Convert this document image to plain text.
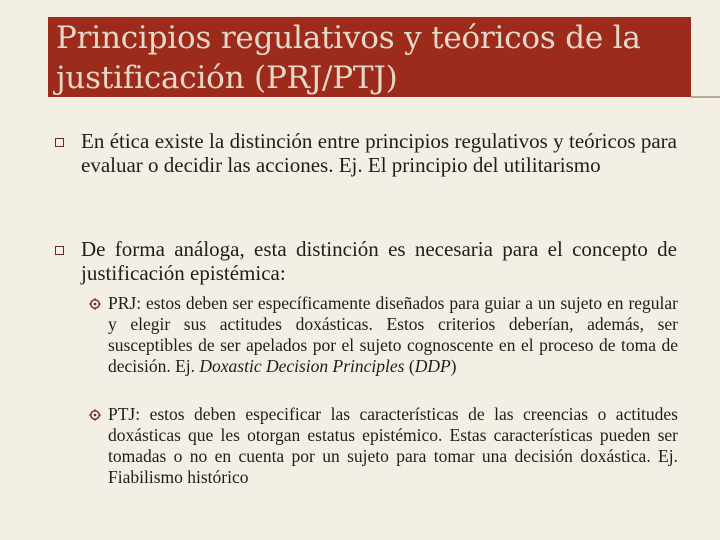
Principios regulativos y teóricos de la justificación (PRJ/PTJ)
En ética existe la distinción entre principios regulativos y teóricos para evaluar o decidir las acciones. Ej. El principio del utilitarismo
De forma análoga, esta distinción es necesaria para el concepto de justificación epistémica:
PRJ: estos deben ser específicamente diseñados para guiar a un sujeto en regular y elegir sus actitudes doxásticas. Estos criterios deberían, además, ser susceptibles de ser apelados por el sujeto cognoscente en el proceso de toma de decisión. Ej. Doxastic Decision Principles (DDP)
PTJ: estos deben especificar las características de las creencias o actitudes doxásticas que les otorgan estatus epistémico. Estas características pueden ser tomadas o no en cuenta por un sujeto para tomar una decisión doxástica. Ej. Fiabilismo histórico
